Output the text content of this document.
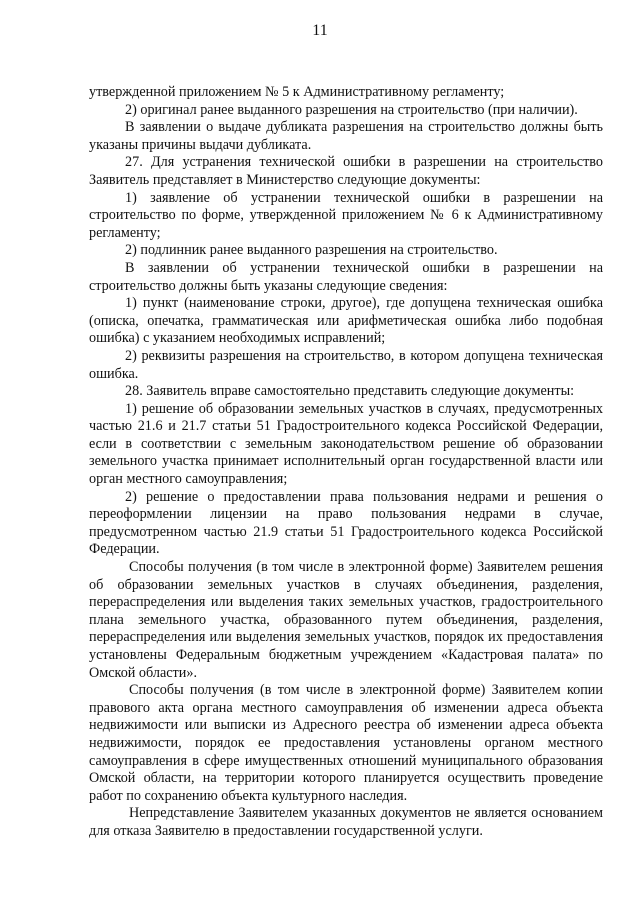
11

утвержденной приложением № 5 к Административному регламенту;

2) оригинал ранее выданного разрешения на строительство (при наличии).

В заявлении о выдаче дубликата разрешения на строительство должны быть указаны причины выдачи дубликата.

27. Для устранения технической ошибки в разрешении на строительство Заявитель представляет в Министерство следующие документы:

1) заявление об устранении технической ошибки в разрешении на строительство по форме, утвержденной приложением № 6 к Административному регламенту;

2) подлинник ранее выданного разрешения на строительство.

В заявлении об устранении технической ошибки в разрешении на строительство должны быть указаны следующие сведения:

1) пункт (наименование строки, другое), где допущена техническая ошибка (описка, опечатка, грамматическая или арифметическая ошибка либо подобная ошибка) с указанием необходимых исправлений;

2) реквизиты разрешения на строительство, в котором допущена техническая ошибка.

28. Заявитель вправе самостоятельно представить следующие документы:

1) решение об образовании земельных участков в случаях, предусмотренных частью 21.6 и 21.7 статьи 51 Градостроительного кодекса Российской Федерации, если в соответствии с земельным законодательством решение об образовании земельного участка принимает исполнительный орган государственной власти или орган местного самоуправления;

2) решение о предоставлении права пользования недрами и решения о переоформлении лицензии на право пользования недрами в случае, предусмотренном частью 21.9 статьи 51 Градостроительного кодекса Российской Федерации.

Способы получения (в том числе в электронной форме) Заявителем решения об образовании земельных участков в случаях объединения, разделения, перераспределения или выделения таких земельных участков, градостроительного плана земельного участка, образованного путем объединения, разделения, перераспределения или выделения земельных участков, порядок их предоставления установлены Федеральным бюджетным учреждением «Кадастровая палата» по Омской области».

Способы получения (в том числе в электронной форме) Заявителем копии правового акта органа местного самоуправления об изменении адреса объекта недвижимости или выписки из Адресного реестра об изменении адреса объекта недвижимости, порядок ее предоставления установлены органом местного самоуправления в сфере имущественных отношений муниципального образования Омской области, на территории которого планируется осуществить проведение работ по сохранению объекта культурного наследия.

Непредставление Заявителем указанных документов не является основанием для отказа Заявителю в предоставлении государственной услуги.
